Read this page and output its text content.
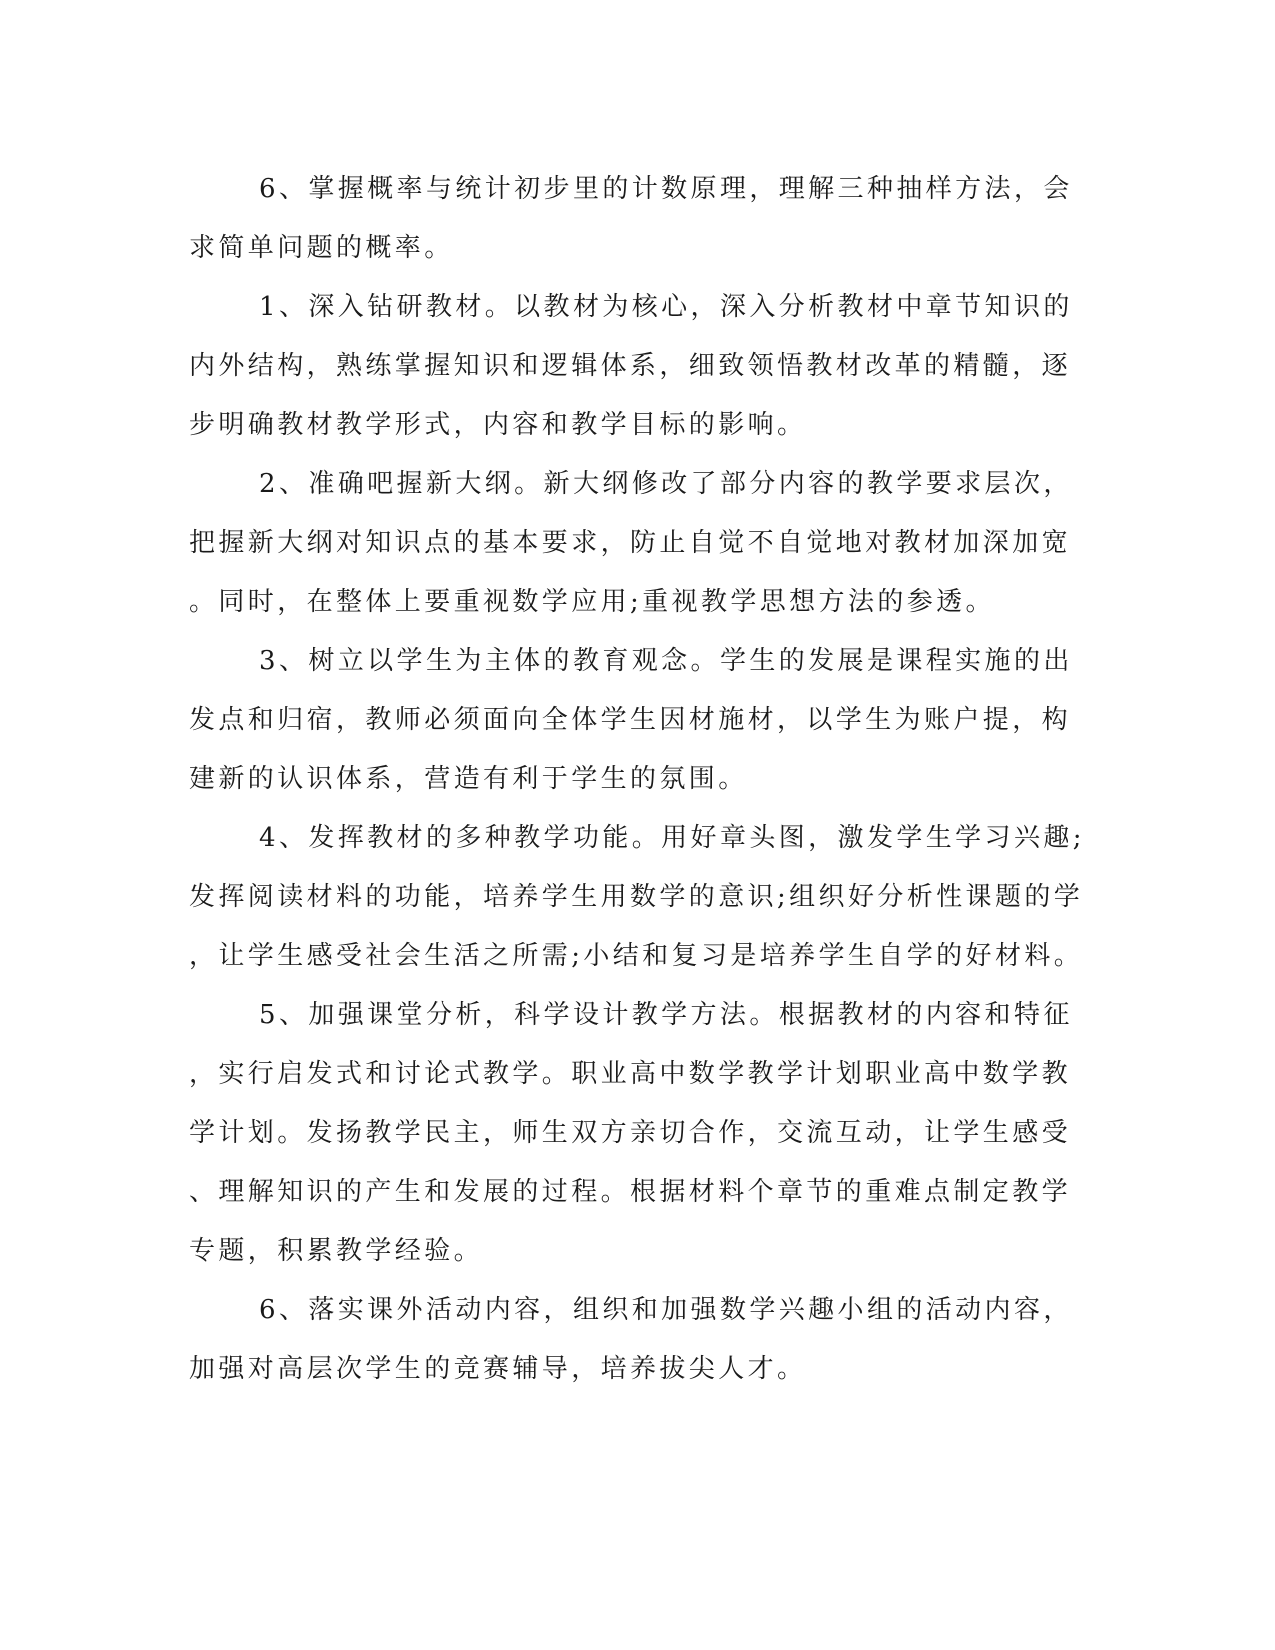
6、掌握概率与统计初步里的计数原理，理解三种抽样方法，会
求简单问题的概率。

1、深入钻研教材。以教材为核心，深入分析教材中章节知识的
内外结构，熟练掌握知识和逻辑体系，细致领悟教材改革的精髓，逐
步明确教材教学形式，内容和教学目标的影响。

2、准确吧握新大纲。新大纲修改了部分内容的教学要求层次，
把握新大纲对知识点的基本要求，防止自觉不自觉地对教材加深加宽
。同时，在整体上要重视数学应用;重视教学思想方法的参透。

3、树立以学生为主体的教育观念。学生的发展是课程实施的出
发点和归宿，教师必须面向全体学生因材施材，以学生为账户提，构
建新的认识体系，营造有利于学生的氛围。

4、发挥教材的多种教学功能。用好章头图，激发学生学习兴趣;
发挥阅读材料的功能，培养学生用数学的意识;组织好分析性课题的学
，让学生感受社会生活之所需;小结和复习是培养学生自学的好材料。

5、加强课堂分析，科学设计教学方法。根据教材的内容和特征
，实行启发式和讨论式教学。职业高中数学教学计划职业高中数学教
学计划。发扬教学民主，师生双方亲切合作，交流互动，让学生感受
、理解知识的产生和发展的过程。根据材料个章节的重难点制定教学
专题，积累教学经验。

6、落实课外活动内容，组织和加强数学兴趣小组的活动内容，
加强对高层次学生的竞赛辅导，培养拔尖人才。
